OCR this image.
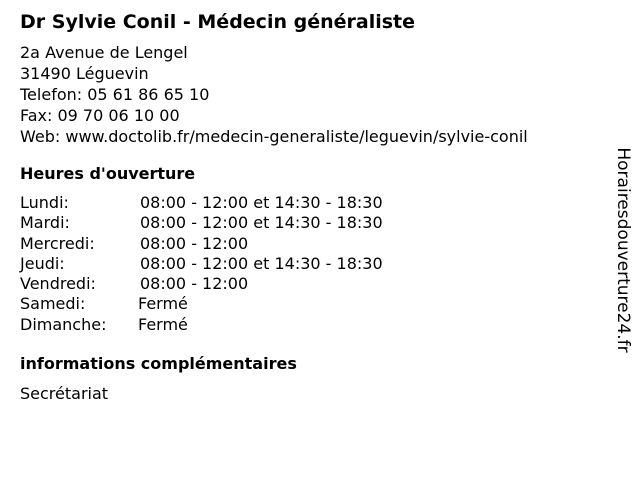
Dr Sylvie Conil - Médecin généraliste
2a Avenue de Lengel
31490 Léguevin
Telefon: 05 61 86 65 10
Fax: 09 70 06 10 00
Web: www.doctolib.fr/medecin-generaliste/leguevin/sylvie-conil
Heures d'ouverture
Lundi:	08:00 - 12:00 et 14:30 - 18:30
Mardi:	08:00 - 12:00 et 14:30 - 18:30
Mercredi:	08:00 - 12:00
Jeudi:	08:00 - 12:00 et 14:30 - 18:30
Vendredi:	08:00 - 12:00
Samedi:	Fermé
Dimanche: Fermé
informations complémentaires
Secrétariat
Horairesdouverture24.fr
